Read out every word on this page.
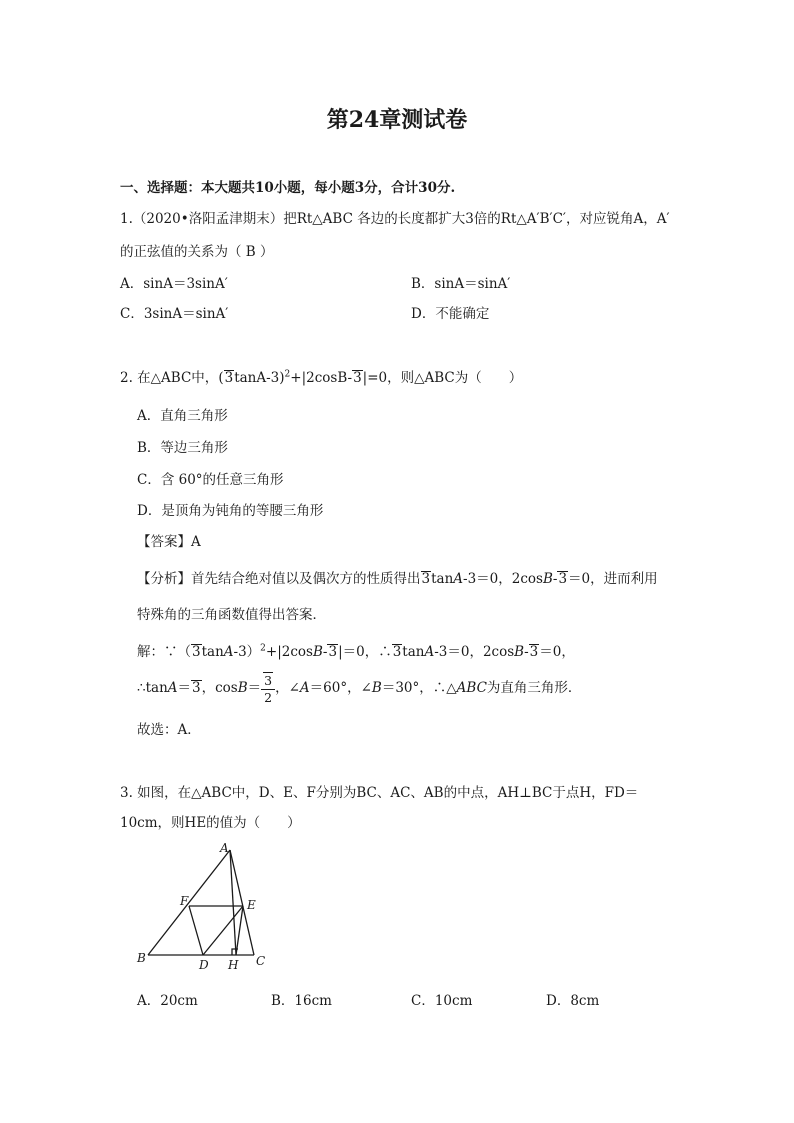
第24章测试卷
一、选择题：本大题共10小题，每小题3分，合计30分.
1.（2020•洛阳孟津期末）把Rt△ABC 各边的长度都扩大3倍的Rt△A′B′C′，对应锐角A，A′
的正弦值的关系为（ B ）
A．sinA＝3sinA′	B．sinA＝sinA′
C．3sinA＝sinA′	D．不能确定
2. 在△ABC中，$(3\tan A-3)^2+|2\cos B-3|=0$，则△ABC为（　　）
A．直角三角形
B．等边三角形
C．含 60°的任意三角形
D．是顶角为钝角的等腰三角形
【答案】A
【分析】首先结合绝对值以及偶次方的性质得出3tanA-3＝0，2cosB-3＝0，进而利用
特殊角的三角函数值得出答案．
解：$\because(3\tan A-3)^2+|2\cos B-3|=0$，∴3tanA-3＝0，2cosB-3＝0，
∴tanA＝3，$\cos B= \frac{3}{2}$ ，∠A＝60°，∠B＝30°，∴△ABC为直角三角形．
故选：A．
3. 如图，在△ABC中，D、E、F分别为BC、AC、AB的中点，AH⊥BC于点H，FD＝
10cm，则HE的值为（　　）
A
B	C
D
E
F
H
A．20cm	B．16cm	C．10cm	D．8cm
